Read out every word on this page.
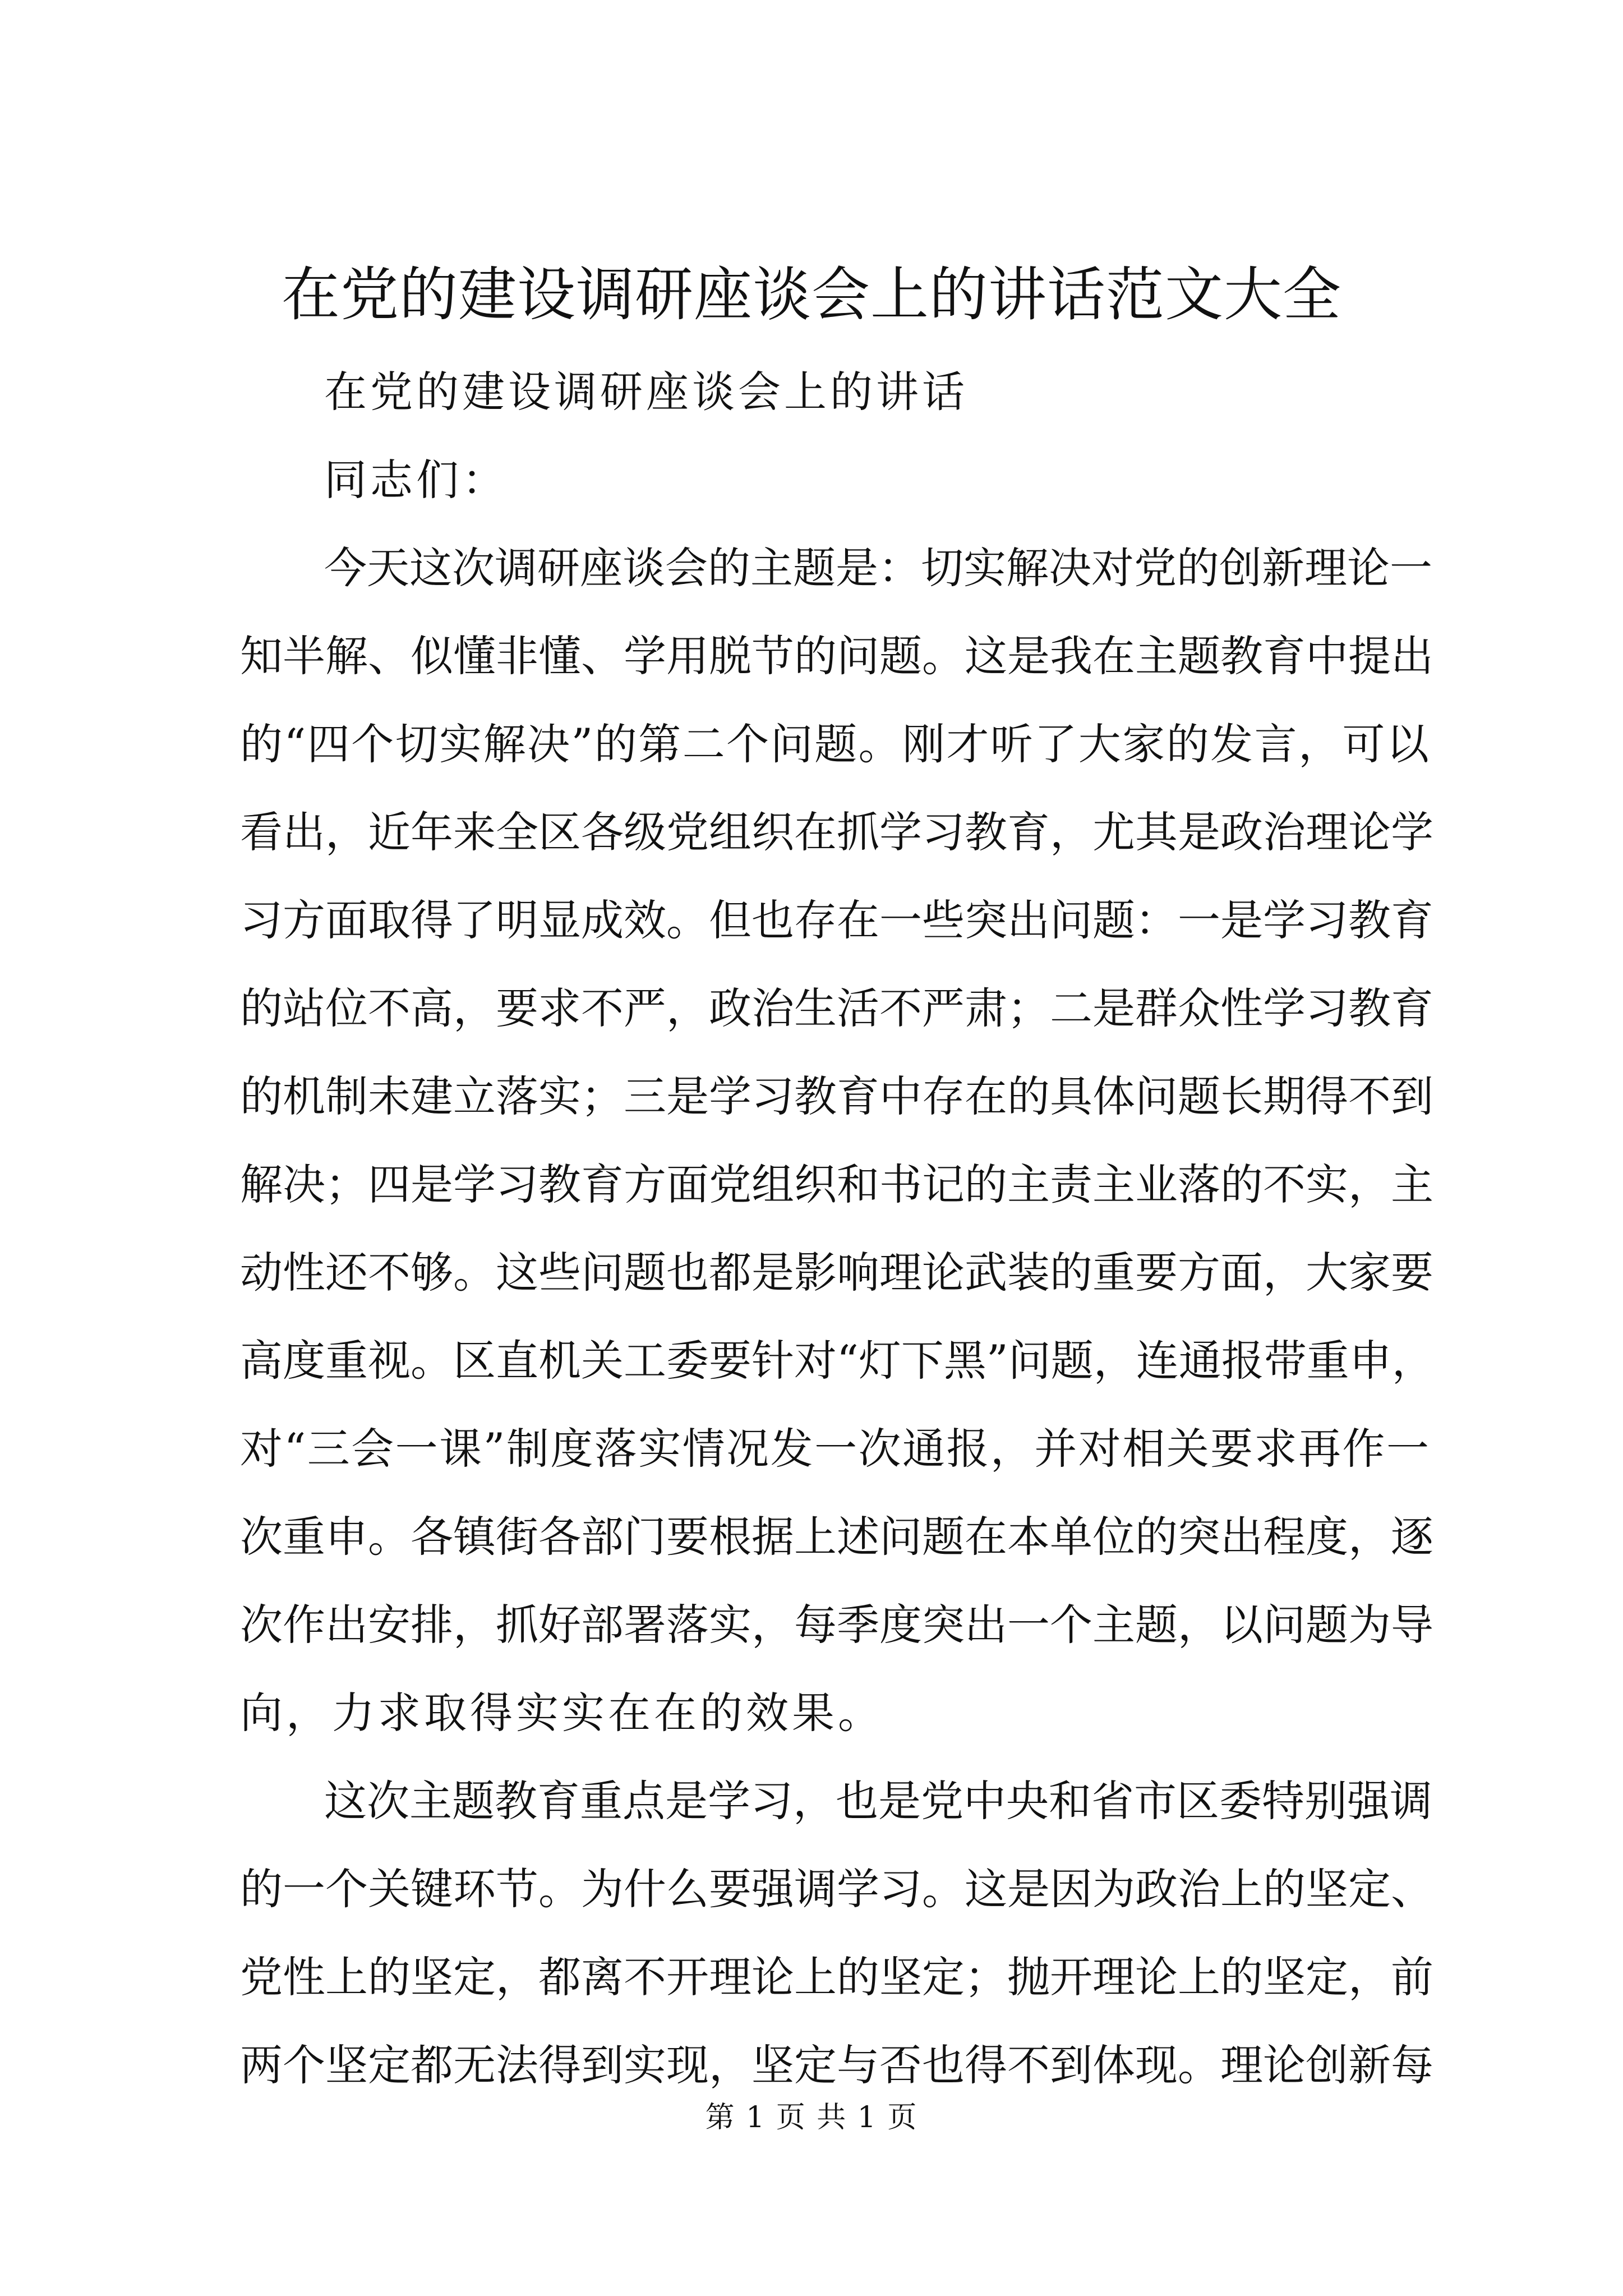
在党的建设调研座谈会上的讲话范文大全
在党的建设调研座谈会上的讲话
同志们：
今天这次调研座谈会的主题是：切实解决对党的创新理论一
知半解、似懂非懂、学用脱节的问题。这是我在主题教育中提出
的“四个切实解决”的第二个问题。刚才听了大家的发言，可以
看出，近年来全区各级党组织在抓学习教育，尤其是政治理论学
习方面取得了明显成效。但也存在一些突出问题：一是学习教育
的站位不高，要求不严，政治生活不严肃；二是群众性学习教育
的机制未建立落实；三是学习教育中存在的具体问题长期得不到
解决；四是学习教育方面党组织和书记的主责主业落的不实，主
动性还不够。这些问题也都是影响理论武装的重要方面，大家要
高度重视。区直机关工委要针对“灯下黑”问题，连通报带重申，
对“三会一课”制度落实情况发一次通报，并对相关要求再作一
次重申。各镇街各部门要根据上述问题在本单位的突出程度，逐
次作出安排，抓好部署落实，每季度突出一个主题，以问题为导
向，力求取得实实在在的效果。
这次主题教育重点是学习，也是党中央和省市区委特别强调
的一个关键环节。为什么要强调学习。这是因为政治上的坚定、
党性上的坚定，都离不开理论上的坚定；抛开理论上的坚定，前
两个坚定都无法得到实现，坚定与否也得不到体现。理论创新每
第 1 页 共 1 页
